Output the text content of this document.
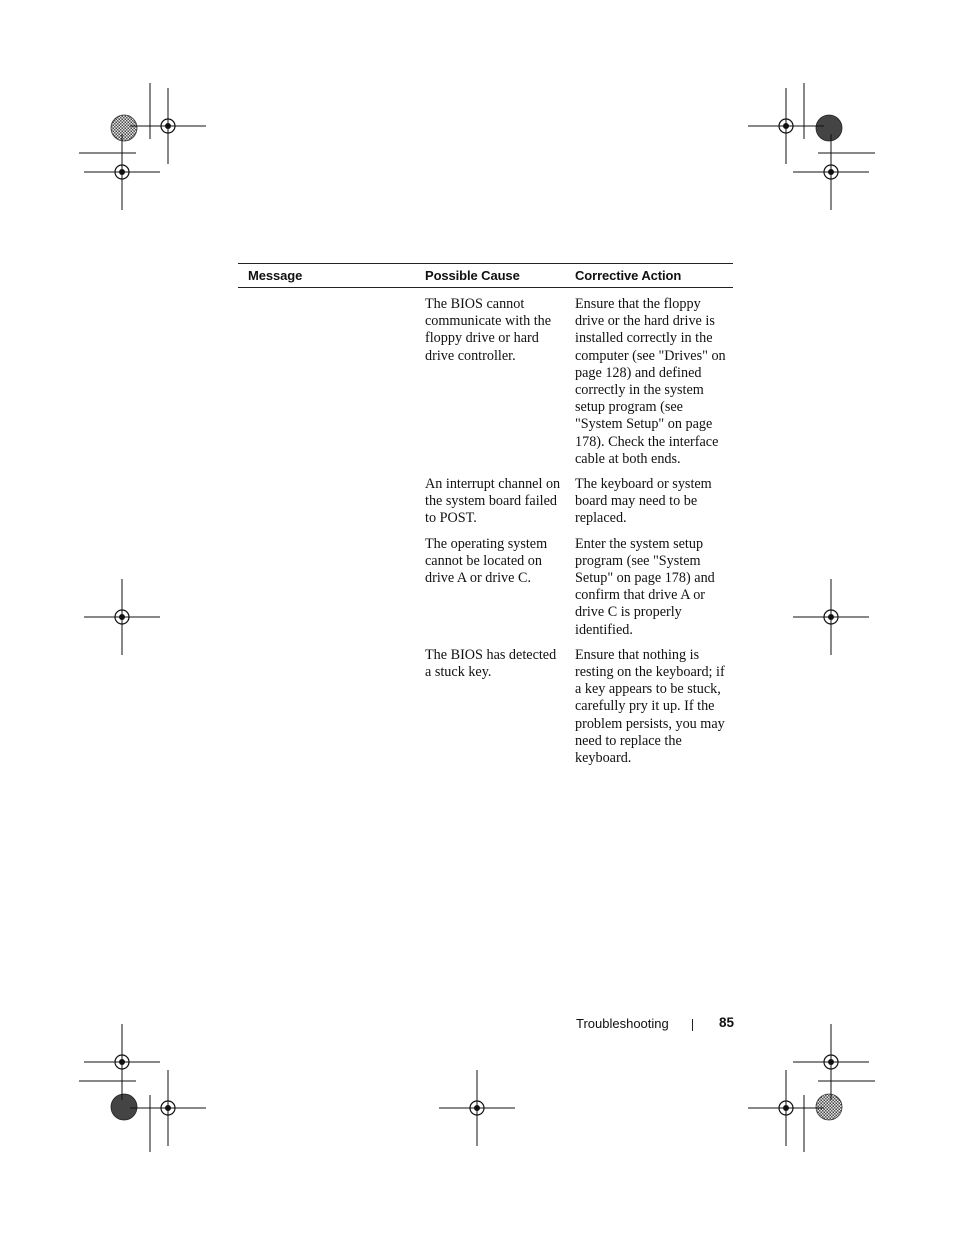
Message	Possible Cause	Corrective Action
	The BIOS cannot communicate with the floppy drive or hard drive controller.	Ensure that the floppy drive or the hard drive is installed correctly in the computer (see "Drives" on page 128) and defined correctly in the system setup program (see "System Setup" on page 178). Check the interface cable at both ends.
	An interrupt channel on the system board failed to POST.	The keyboard or system board may need to be replaced.
	The operating system cannot be located on drive A or drive C.	Enter the system setup program (see "System Setup" on page 178) and confirm that drive A or drive C is properly identified.
	The BIOS has detected a stuck key.	Ensure that nothing is resting on the keyboard; if a key appears to be stuck, carefully pry it up. If the problem persists, you may need to replace the keyboard.
Troubleshooting	85
